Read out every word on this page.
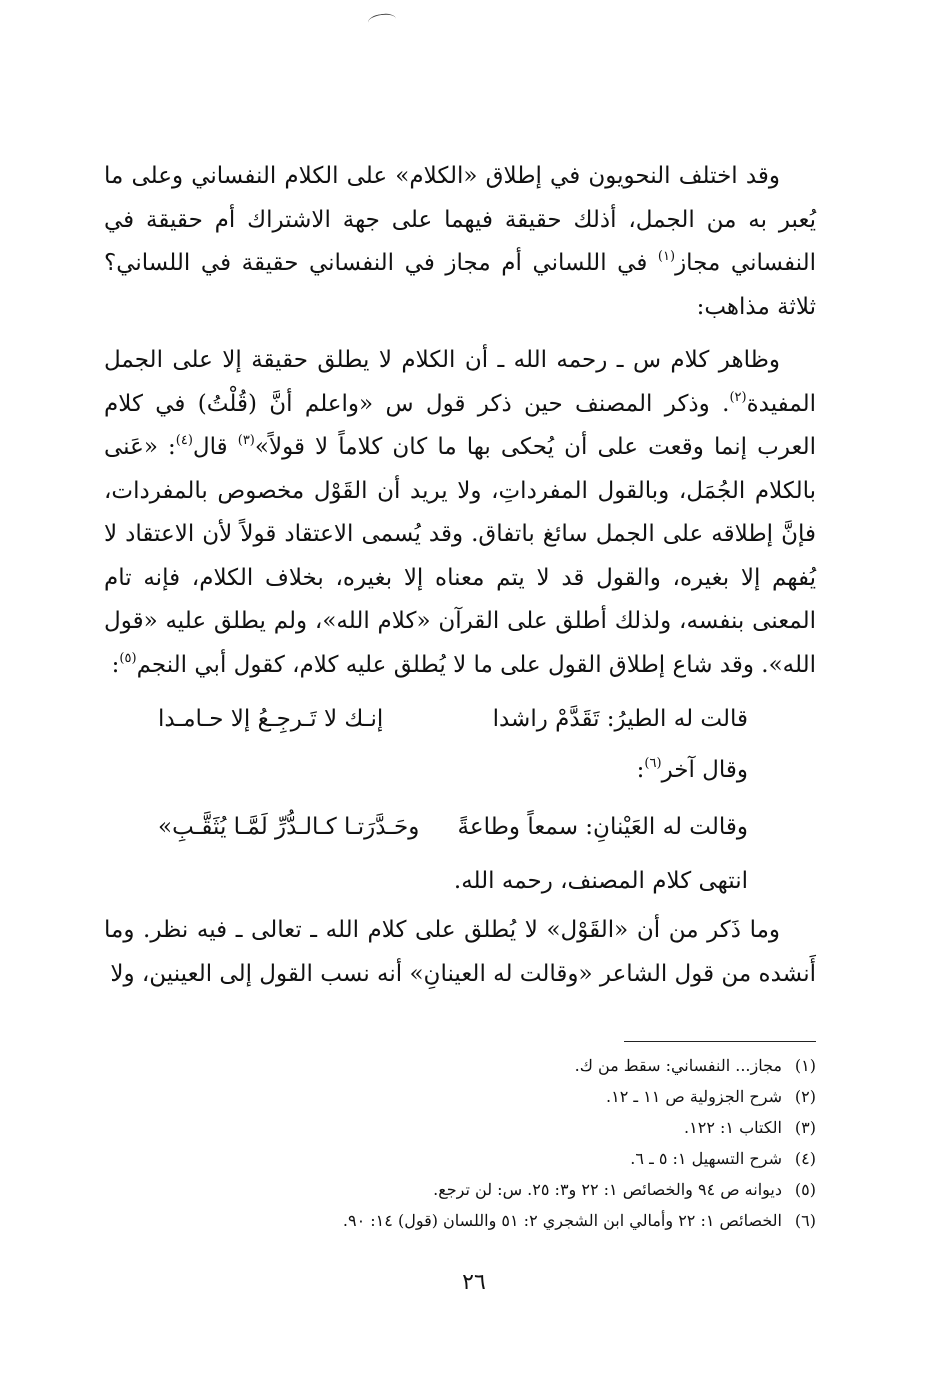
وقد اختلف النحويون في إطلاق «الكلام» على الكلام النفساني وعلى ما يُعبر به من الجمل، أذلك حقيقة فيهما على جهة الاشتراك أم حقيقة في النفساني مجاز$^{(١)}$ في اللساني أم مجاز في النفساني حقيقة في اللساني؟ ثلاثة مذاهب:

وظاهر كلام س ـ رحمه الله ـ أن الكلام لا يطلق حقيقة إلا على الجمل المفيدة$^{(٢)}$. وذكر المصنف حين ذكر قول س «واعلم أنَّ (قُلْتُ) في كلام العرب إنما وقعت على أن يُحكى بها ما كان كلاماً لا قولاً»$^{(٣)}$ قال$^{(٤)}$: «عَنى بالكلام الجُمَل، وبالقول المفرداتِ، ولا يريد أن القَوْل مخصوص بالمفردات، فإنَّ إطلاقه على الجمل سائغ باتفاق. وقد يُسمى الاعتقاد قولاً لأن الاعتقاد لا يُفهم إلا بغيره، والقول قد لا يتم معناه إلا بغيره، بخلاف الكلام، فإنه تام المعنى بنفسه، ولذلك أطلق على القرآن «كلام الله»، ولم يطلق عليه «قول الله». وقد شاع إطلاق القول على ما لا يُطلق عليه كلام، كقول أبي النجم$^{(٥)}$:

قالت له الطيرُ: تَقَدَّمْ راشدا
إنـك لا تَـرجِـعُ إلا حـامـدا
وقال آخر$^{(٦)}$:
وقالت له العَيْنانِ: سمعاً وطاعةً
وحَـدَّرَتـا كـالـدُّرِّ لَمَّـا يُثَقَّـبِ»
انتهى كلام المصنف، رحمه الله.

وما ذَكر من أن «القَوْل» لا يُطلق على كلام الله ـ تعالى ـ فيه نظر. وما أَنشده من قول الشاعر «وقالت له العينانِ» أنه نسب القول إلى العينين، ولا

(١)مجاز... النفساني: سقط من ك.
(٢)شرح الجزولية ص ١١ ـ ١٢.
(٣)الكتاب ١: ١٢٢.
(٤)شرح التسهيل ١: ٥ ـ ٦.
(٥)ديوانه ص ٩٤ والخصائص ١: ٢٢ و٣: ٢٥. س: لن ترجع.
(٦)الخصائص ١: ٢٢ وأمالي ابن الشجري ٢: ٥١ واللسان (قول) ١٤: ٩٠.
٢٦
